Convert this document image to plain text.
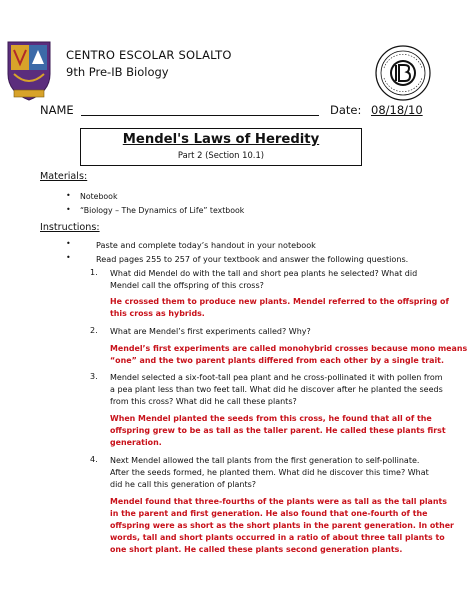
CENTRO ESCOLAR SOLALTO
9th Pre-IB Biology
NAME	Date: 08/18/10
Mendel's Laws of Heredity
Part 2 (Section 10.1)
Materials:
• Notebook
• “Biology – The Dynamics of Life” textbook
Instructions:
•	Paste and complete today’s handout in your notebook
•	Read pages 255 to 257 of your textbook and answer the following questions.
1. What did Mendel do with the tall and short pea plants he selected? What did
Mendel call the offspring of this cross?
He crossed them to produce new plants. Mendel referred to the offspring of
this cross as hybrids.
2. What are Mendel’s first experiments called? Why?
Mendel’s first experiments are called monohybrid crosses because mono means
“one” and the two parent plants differed from each other by a single trait.
3. Mendel selected a six-foot-tall pea plant and he cross-pollinated it with pollen from
a pea plant less than two feet tall. What did he discover after he planted the seeds
from this cross? What did he call these plants?
When Mendel planted the seeds from this cross, he found that all of the
offspring grew to be as tall as the taller parent. He called these plants first
generation.
4. Next Mendel allowed the tall plants from the first generation to self-pollinate.
After the seeds formed, he planted them. What did he discover this time? What
did he call this generation of plants?
Mendel found that three-fourths of the plants were as tall as the tall plants
in the parent and first generation. He also found that one-fourth of the
offspring were as short as the short plants in the parent generation. In other
words, tall and short plants occurred in a ratio of about three tall plants to
one short plant. He called these plants second generation plants.
